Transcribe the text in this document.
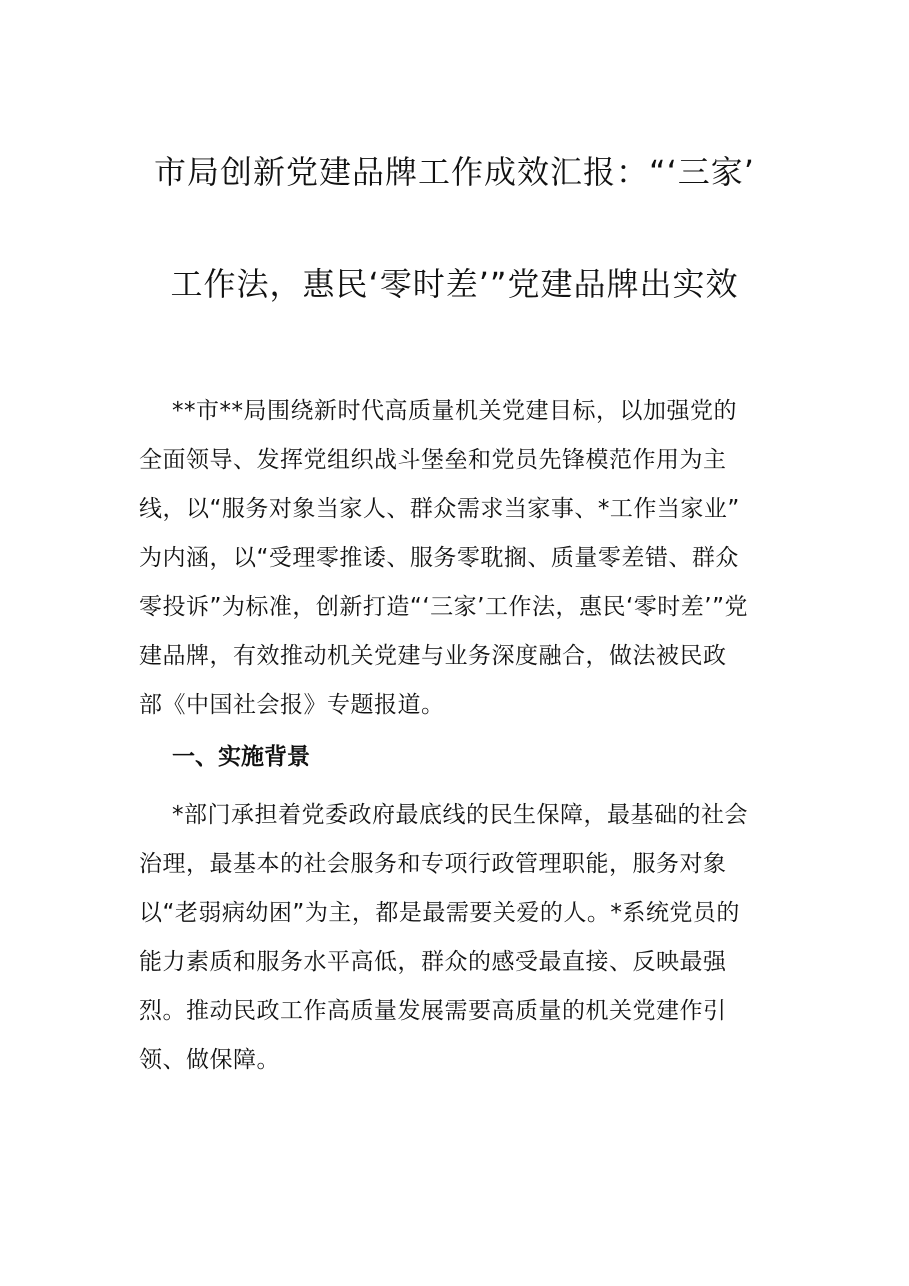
市局创新党建品牌工作成效汇报：“‘三家’
工作法，惠民‘零时差’”党建品牌出实效
**市**局围绕新时代高质量机关党建目标，以加强党的
全面领导、发挥党组织战斗堡垒和党员先锋模范作用为主
线，以“服务对象当家人、群众需求当家事、*工作当家业”
为内涵，以“受理零推诿、服务零耽搁、质量零差错、群众
零投诉”为标准，创新打造“‘三家’工作法，惠民‘零时差’”党
建品牌，有效推动机关党建与业务深度融合，做法被民政
部《中国社会报》专题报道。
一、实施背景
*部门承担着党委政府最底线的民生保障，最基础的社会
治理，最基本的社会服务和专项行政管理职能，服务对象
以“老弱病幼困”为主，都是最需要关爱的人。*系统党员的
能力素质和服务水平高低，群众的感受最直接、反映最强
烈。推动民政工作高质量发展需要高质量的机关党建作引
领、做保障。
